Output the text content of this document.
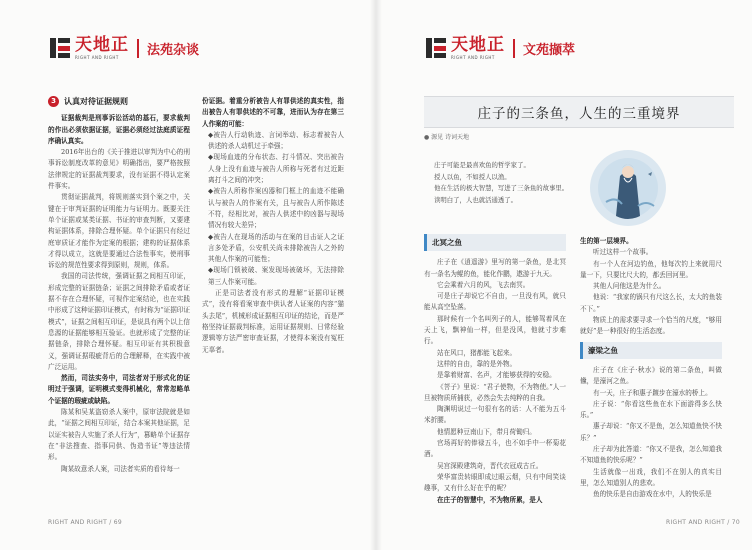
天地正
RIGHT AND RIGHT	法苑杂谈
3	认真对待证据规则

证据裁判是刑事诉讼活动的基石，要求裁判的作出必须依据证据，证据必须经过法庭质证程序确认真实。

2016年出台的《关于推进以审判为中心的刑事诉讼制度改革的意见》明确指出，要严格按照法律规定的证据裁判要求，没有证据不得认定案件事实。

贯彻证据裁判，将规则落实到个案之中，关键在于审判证据的证明能力与证明力。既要关注单个证据或某类证据、书证的审查判断，又要建构证据体系，排除合理怀疑。单个证据只有经过庭审质证才能作为定案的根据；建构的证据体系才得以成立，这就是要通过合法性事实，使刑事诉讼的规范性要求得到原则，规则，体系。

我国的司法传统，强调证据之间相互印证，形成完整的证据链条；证据之间排除矛盾或者证据不存在合理怀疑，可视作定案结论，也在实践中形成了这种证据印证模式，有时称为“证据印证模式”，证据之间相互印证，是说具有两个以上信息源的证据能够相互验证。也就形成了完整的证据链条，排除合理怀疑。相互印证有其积极意义，强调证据瑕疵背后的合理解释，在实践中被广泛运用。

然而，司法实务中，司法者对于形式化的证明过于强调，证明模式变得机械化，常常忽略单个证据的瑕疵或缺陷。

陈某和吴某盗窃杀人案中，原审法院就是如此，“证据之间相互印证，结合本案其他证据，足以证实被告人实施了杀人行为”，篡略单个证据存在“非法搜查、指事同供、伪造书证”等违法情形。

陶某故意杀人案，司法者实质的看待每一

份证据。着重分析被告人有罪供述的真实性，指出被告人有罪供述的不可靠，进而认为存在第三人作案的可能：

◆被告人行动轨迹、言词举动、标志着被告人供述的杀人动机过于牵强；

◆现场血迹的分布状态、打斗情况、突出被告人身上没有血迹与被告人所称与死者有过近距离打斗之间的冲突；

◆被告人所称作案凶器和门框上的血迹不能确认与被告人的作案有关，且与被告人所作陈述不符，经相比对，被告人供述中的凶器与现场情况有较大差异；

◆被告人在现场的活动与在案的目击证人之证言多处矛盾，公安机关尚未排除被告人之外的其他人作案的可能性；

◆现场门锁被破、案发现场被破坏，无法排除第三人作案可能。

正是司法者没有形式的理解“证据印证模式”，没有将看案审查中供认者人证案的内容“猫头去尾”，机械形成证据相互印证的结论，而是严格坚持证据裁判标准，运用证据规则、日常经验逻辑等方法严密审查证据，才使得本案没有冤枉无辜者。

RIGHT AND RIGHT / 69
天地正
RIGHT AND RIGHT	文苑撷萃
庄子的三条鱼，人生的三重境界
● 源见 诗词天地

庄子可能是最喜欢鱼的哲学家了。

授人以鱼，不如授人以渔。

他在生活的极大智慧，写进了三条鱼的故事里。

读明白了，人也就活通透了。

北冥之鱼

庄子在《逍遥游》里写的第一条鱼，是北冥有一条名为鲲的鱼，能化作鹏，遨游于九天。

它会乘着六月的风，飞去南冥。

可是庄子却说它不自由，一旦没有风，就只能从高空坠落。

那时候有一个名叫列子的人，能够驾着风在天上飞，飘神仙一样，但是没风，他就寸步难行。

站在风口，猪都能飞起来。

这样的自由，靠的是外物。

是靠着财富、名声，才能够获得的安稳。

《菩子》里说：“君子使物，不为物使。”人一旦被物质所捕获，必然会失去纯粹的自我。

陶渊明说过一句很有名的话：人不能为五斗米折腰。

他情愿种豆南山下，带月荷锄归。

官场再好的俸禄五斗，也不如手中一杯菊花酒。

吴宫深殿建筑奇，晋代衣冠成古丘。

荣华富贵转眼即成过眼云烟，只有中间笑谈趣事，又有什么好在乎的呢？

在庄子的智慧中，不为物所累，是人

生的第一层境界。

听过这样一个故事。

有一个人在河边钓鱼，他每次钓上来就用尺量一下，只要比尺大的，都丢回河里。

其他人问他这是为什么。

他说：“我家的锅只有尺这么长，太大的鱼装不下。”

物质上的需求要寻求一个恰当的尺度，“够用就好”是一种很好的生活态度。

濠梁之鱼

庄子在《庄子·秋水》说的第二条鱼，叫做儵，是濠河之鱼。

有一天，庄子和惠子踱步在濠水的桥上。

庄子说：“你看这些鱼在水下面游得多么快乐。”

惠子却说：“你又不是鱼，怎么知道鱼快不快乐？”

庄子却为此答道：“你又不是我，怎么知道我不知道鱼的快乐呢？”

生活就像一出戏，我们不在别人的真实目里，怎么知道别人的悲欢。

鱼的快乐是自由游戏在水中，人的快乐是

RIGHT AND RIGHT / 70
